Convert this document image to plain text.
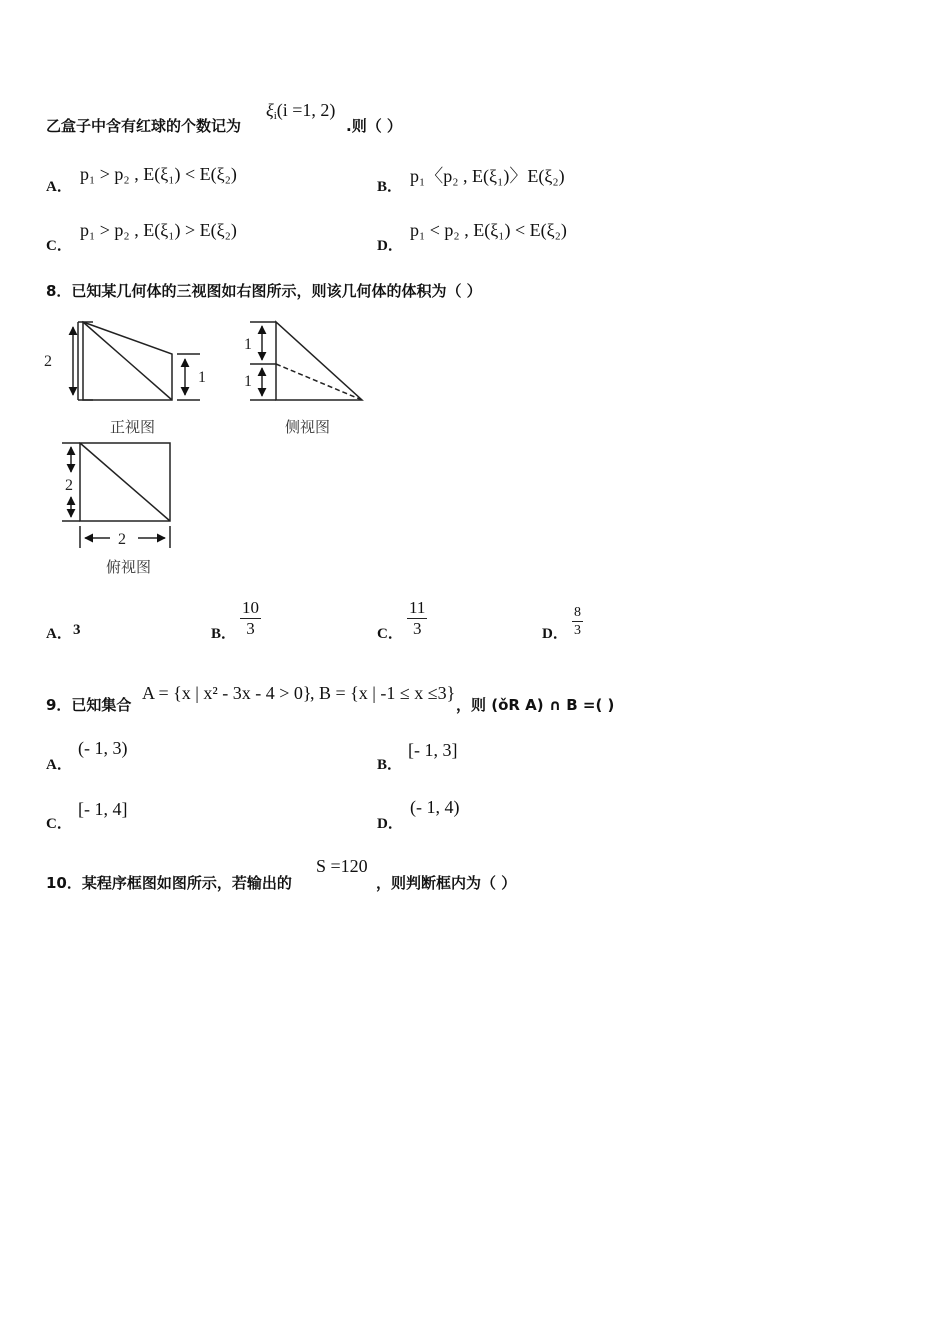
乙盒子中含有红球的个数记为
$\xi_i(i =1$, 2)
.则（ ）
A．
p₁ > p₂ , E(ξ₁) < E(ξ₂)
B．
p₁〈p₂ , E(ξ₁)〉E(ξ₂)
C．
p₁ > p₂ , E(ξ₁) > E(ξ₂)
D．
p₁ < p₂ , E(ξ₁) < E(ξ₂)
8．已知某几何体的三视图如右图所示，则该几何体的体积为（ ）
2
1
正视图
1
1
侧视图
2
2
俯视图
A． 3	B． $\frac{10}{3}$	C． $\frac{11}{3}$	D． $\frac{8}{3}$
9．已知集合
A = {x | x² - 3x - 4 > 0}
, B = {x | -1 ≤ x ≤3}
，则 (ǒR A) ∩ B =( )
A．
(- 1, 3)
B．
[- 1, 3]
C．
[- 1, 4]
D．
(- 1, 4)
10．某程序框图如图所示，若输出的
S =120
，则判断框内为（ ）
